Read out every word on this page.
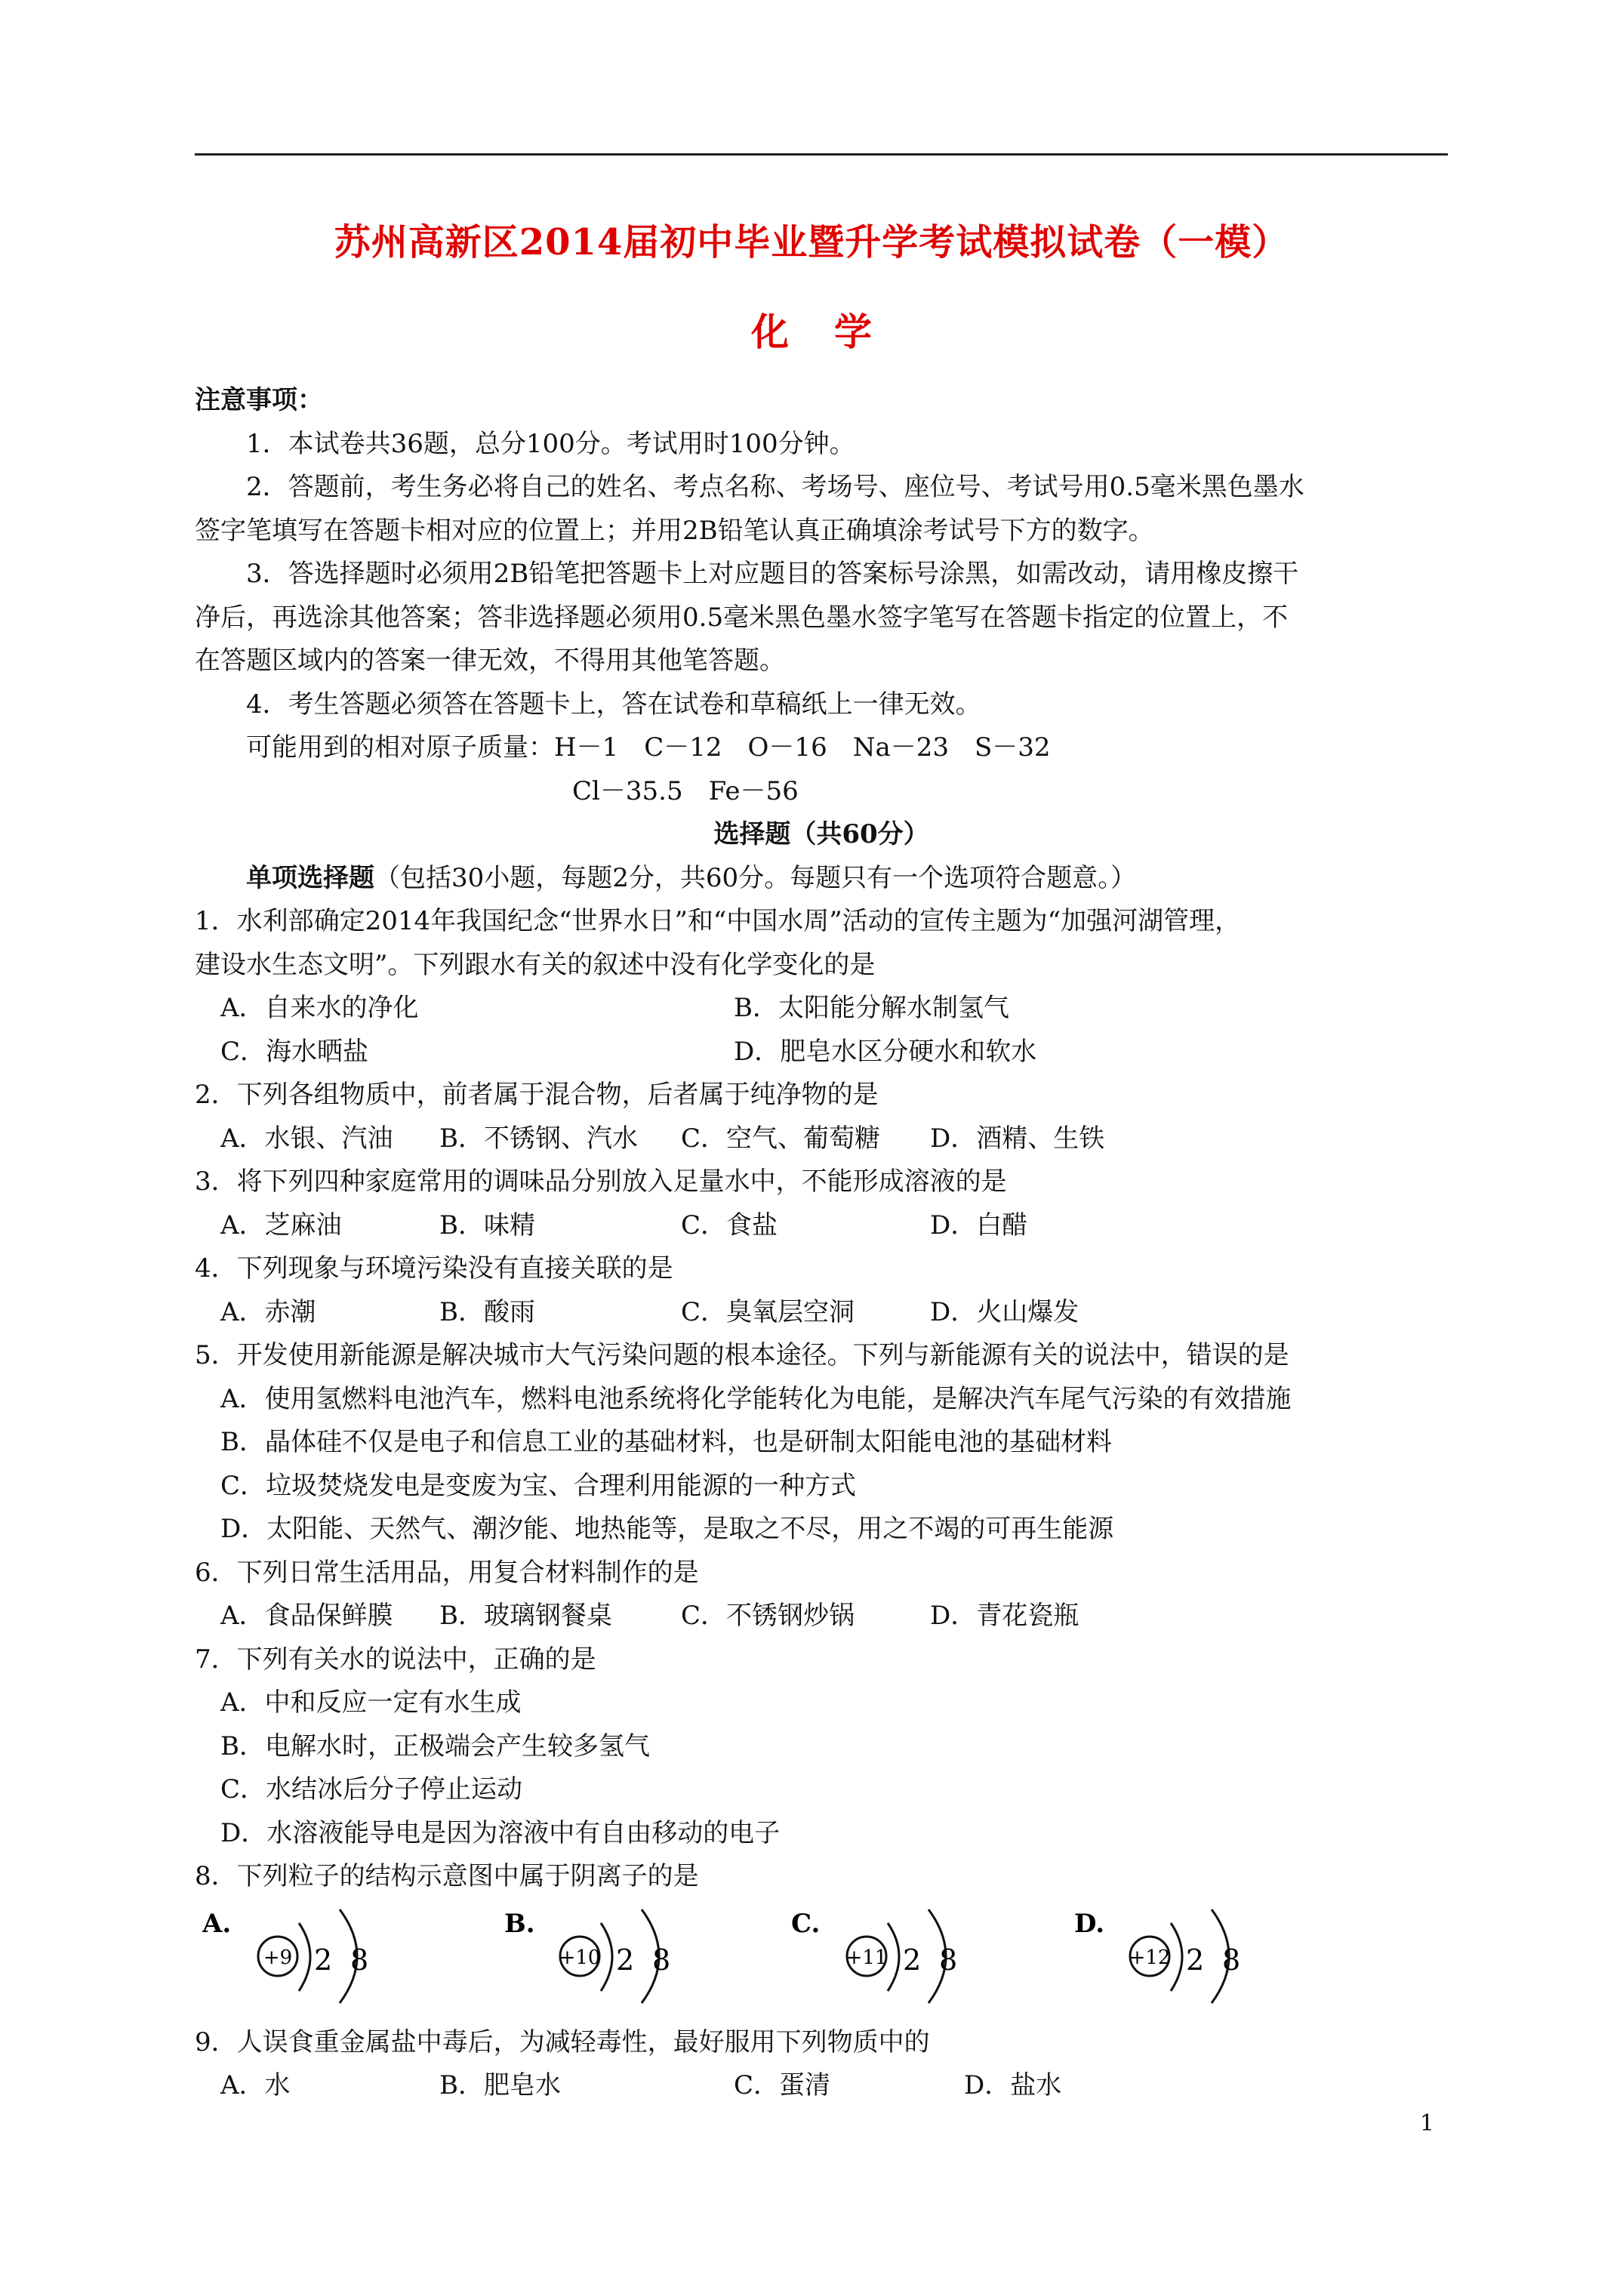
苏州高新区2014届初中毕业暨升学考试模拟试卷（一模）
化学
注意事项：
1．本试卷共36题，总分100分。考试用时100分钟。
2．答题前，考生务必将自己的姓名、考点名称、考场号、座位号、考试号用0.5毫米黑色墨水
签字笔填写在答题卡相对应的位置上；并用2B铅笔认真正确填涂考试号下方的数字。
3．答选择题时必须用2B铅笔把答题卡上对应题目的答案标号涂黑，如需改动，请用橡皮擦干
净后，再选涂其他答案；答非选择题必须用0.5毫米黑色墨水签字笔写在答题卡指定的位置上，不
在答题区域内的答案一律无效，不得用其他笔答题。
4．考生答题必须答在答题卡上，答在试卷和草稿纸上一律无效。
可能用到的相对原子质量：H－1　C－12　O－16　Na－23　S－32
Cl－35.5　Fe－56
选择题（共60分）
单项选择题（包括30小题，每题2分，共60分。每题只有一个选项符合题意。）
1．水利部确定2014年我国纪念“世界水日”和“中国水周”活动的宣传主题为“加强河湖管理，
建设水生态文明”。下列跟水有关的叙述中没有化学变化的是
A．自来水的净化	B．太阳能分解水制氢气
C．海水晒盐	D．肥皂水区分硬水和软水
2．下列各组物质中，前者属于混合物，后者属于纯净物的是
A．水银、汽油	B．不锈钢、汽水	C．空气、葡萄糖	D．酒精、生铁
3．将下列四种家庭常用的调味品分别放入足量水中，不能形成溶液的是
A．芝麻油	B．味精	C．食盐	D．白醋
4．下列现象与环境污染没有直接关联的是
A．赤潮	B．酸雨	C．臭氧层空洞	D．火山爆发
5．开发使用新能源是解决城市大气污染问题的根本途径。下列与新能源有关的说法中，错误的是
A．使用氢燃料电池汽车，燃料电池系统将化学能转化为电能，是解决汽车尾气污染的有效措施
B．晶体硅不仅是电子和信息工业的基础材料，也是研制太阳能电池的基础材料
C．垃圾焚烧发电是变废为宝、合理利用能源的一种方式
D．太阳能、天然气、潮汐能、地热能等，是取之不尽，用之不竭的可再生能源
6．下列日常生活用品，用复合材料制作的是
A．食品保鲜膜	B．玻璃钢餐桌	C．不锈钢炒锅	D．青花瓷瓶
7．下列有关水的说法中，正确的是
A．中和反应一定有水生成
B．电解水时，正极端会产生较多氢气
C．水结冰后分子停止运动
D．水溶液能导电是因为溶液中有自由移动的电子
8．下列粒子的结构示意图中属于阴离子的是
A.
+9 2 8
B.
+10 2 8
C.
+11 2 8
D.
+12 2 8
9．人误食重金属盐中毒后，为减轻毒性，最好服用下列物质中的
A．水	B．肥皂水	C．蛋清	D．盐水
1
